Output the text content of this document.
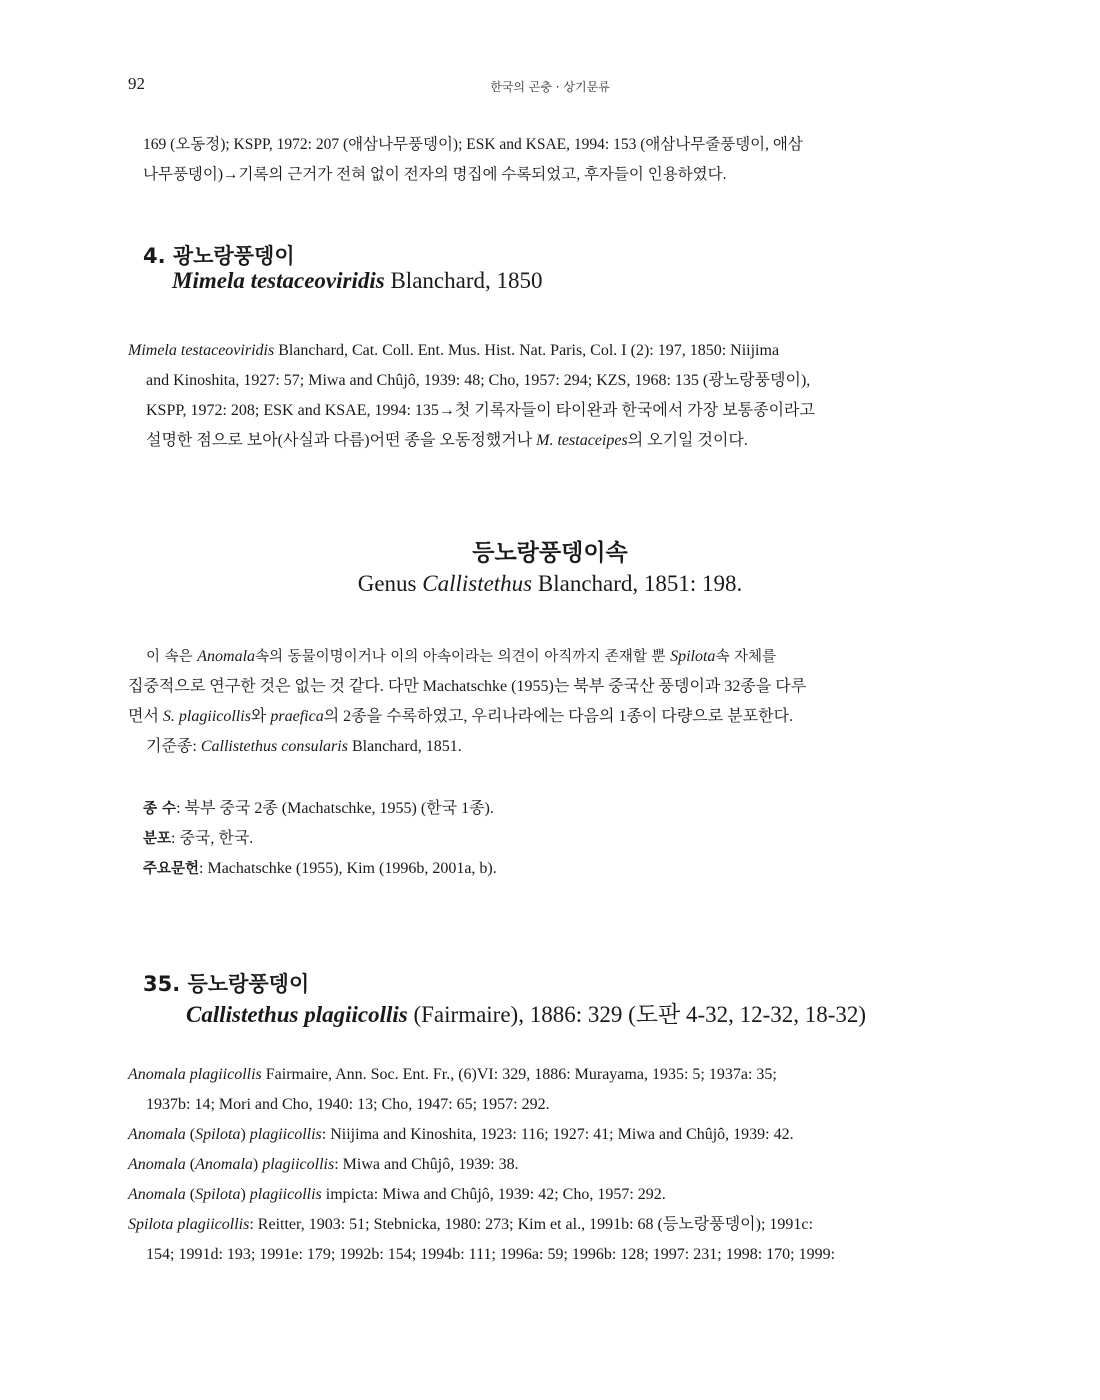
92	한국의 곤충 · 상기문류
169 (오동정); KSPP, 1972: 207 (애삼나무풍뎅이); ESK and KSAE, 1994: 153 (애삼나무줄풍뎅이, 애삼
나무풍뎅이)→기록의 근거가 전혀 없이 전자의 명집에 수록되었고, 후자들이 인용하였다.
4. 광노랑풍뎅이
Mimela testaceoviridis Blanchard, 1850
Mimela testaceoviridis Blanchard, Cat. Coll. Ent. Mus. Hist. Nat. Paris, Col. I (2): 197, 1850: Niijima
and Kinoshita, 1927: 57; Miwa and Chûjô, 1939: 48; Cho, 1957: 294; KZS, 1968: 135 (광노랑풍뎅이),
KSPP, 1972: 208; ESK and KSAE, 1994: 135→첫 기록자들이 타이완과 한국에서 가장 보통종이라고
설명한 점으로 보아(사실과 다름)어떤 종을 오동정했거나 M. testaceipes의 오기일 것이다.
등노랑풍뎅이속
Genus Callistethus Blanchard, 1851: 198.
이 속은 Anomala속의 동물이명이거나 이의 아속이라는 의견이 아직까지 존재할 뿐 Spilota속 자체를
집중적으로 연구한 것은 없는 것 같다. 다만 Machatschke (1955)는 북부 중국산 풍뎅이과 32종을 다루
면서 S. plagiicollis와 praefica의 2종을 수록하였고, 우리나라에는 다음의 1종이 다량으로 분포한다.
기준종: Callistethus consularis Blanchard, 1851.
종 수: 북부 중국 2종 (Machatschke, 1955) (한국 1종).
분포: 중국, 한국.
주요문헌: Machatschke (1955), Kim (1996b, 2001a, b).
35. 등노랑풍뎅이
Callistethus plagiicollis (Fairmaire), 1886: 329 (도판 4-32, 12-32, 18-32)
Anomala plagiicollis Fairmaire, Ann. Soc. Ent. Fr., (6)VI: 329, 1886: Murayama, 1935: 5; 1937a: 35;
1937b: 14; Mori and Cho, 1940: 13; Cho, 1947: 65; 1957: 292.
Anomala (Spilota) plagiicollis: Niijima and Kinoshita, 1923: 116; 1927: 41; Miwa and Chûjô, 1939: 42.
Anomala (Anomala) plagiicollis: Miwa and Chûjô, 1939: 38.
Anomala (Spilota) plagiicollis impicta: Miwa and Chûjô, 1939: 42; Cho, 1957: 292.
Spilota plagiicollis: Reitter, 1903: 51; Stebnicka, 1980: 273; Kim et al., 1991b: 68 (등노랑풍뎅이); 1991c:
154; 1991d: 193; 1991e: 179; 1992b: 154; 1994b: 111; 1996a: 59; 1996b: 128; 1997: 231; 1998: 170; 1999:
